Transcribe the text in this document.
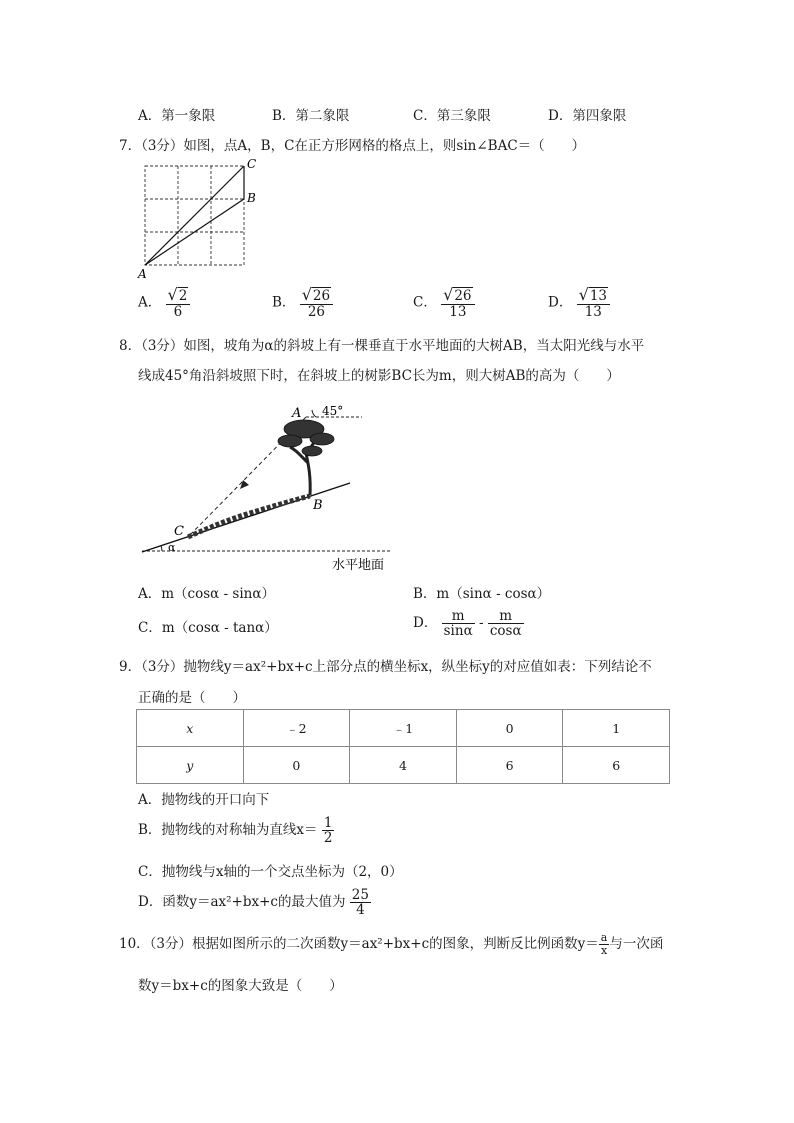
A．第一象限	B．第二象限	C．第三象限	D．第四象限
7．（3分）如图，点A，B，C在正方形网格的格点上，则sin∠BAC＝（　　）
A
B
C
A． $\frac{√2}{6}$	B． $\frac{√26}{26}$	C． $\frac{√26}{13}$	D． $\frac{√13}{13}$
8．（3分）如图，坡角为α的斜坡上有一棵垂直于水平地面的大树AB，当太阳光线与水平
线成45°角沿斜坡照下时，在斜坡上的树影BC长为m，则大树AB的高为（　　）
A 45°
B
C
α
水平地面
A．m（cosα - sinα）	B．m（sinα - cosα）
C．m（cosα - tanα）	D． $\frac{m}{\sin\alpha} - \frac{m}{\cos\alpha}$
9．（3分）抛物线y＝ax²+bx+c上部分点的横坐标x，纵坐标y的对应值如表：下列结论不
正确的是（　　）
x	﹣2	﹣1	0	1
y	0	4	6	6
A．抛物线的开口向下
B．抛物线的对称轴为直线$x= \frac{1}{2}$
C．抛物线与x轴的一个交点坐标为（2，0）
D．函数y＝ax²+bx+c的最大值为 $\frac{25}{4}$
10．（3分）根据如图所示的二次函数y＝ax²+bx+c的图象，判断反比例函数$y= \frac{a}{x}$ 与一次函
数y＝bx+c的图象大致是（　　）
